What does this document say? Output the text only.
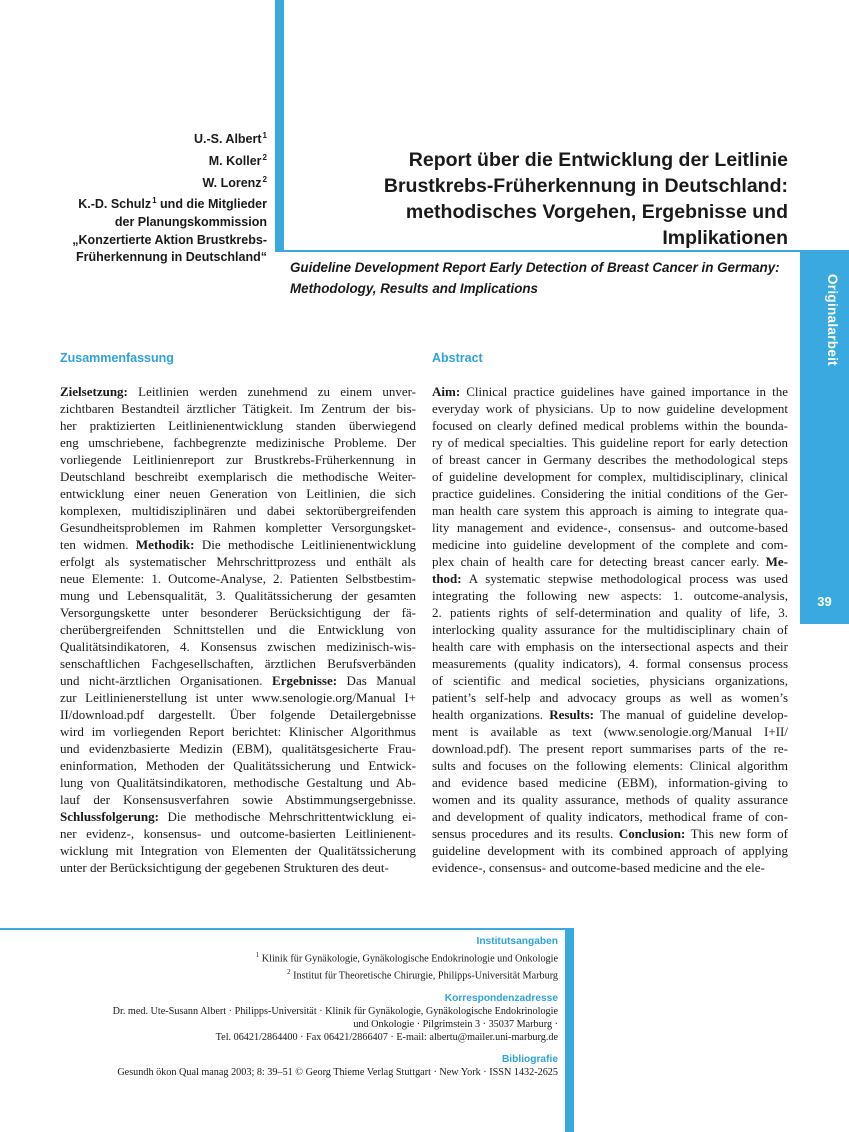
Originalarbeit
39
U.-S. Albert$^1$
M. Koller$^2$
W. Lorenz$^2$
K.-D. Schulz$^1$ und die Mitglieder
der Planungskommission
„Konzertierte Aktion Brustkrebs-
Früherkennung in Deutschland“
Report über die Entwicklung der Leitlinie
Brustkrebs-Früherkennung in Deutschland:
methodisches Vorgehen, Ergebnisse und
Implikationen
Guideline Development Report Early Detection of Breast Cancer in Germany:
Methodology, Results and Implications
Zusammenfassung	Abstract
Zielsetzung: Leitlinien werden zunehmend zu einem unver-
zichtbaren Bestandteil ärztlicher Tätigkeit. Im Zentrum der bis-
her praktizierten Leitlinienentwicklung standen überwiegend
eng umschriebene, fachbegrenzte medizinische Probleme. Der
vorliegende Leitlinienreport zur Brustkrebs-Früherkennung in
Deutschland beschreibt exemplarisch die methodische Weiter-
entwicklung einer neuen Generation von Leitlinien, die sich
komplexen, multidisziplinären und dabei sektorübergreifenden
Gesundheitsproblemen im Rahmen kompletter Versorgungsket-
ten widmen. Methodik: Die methodische Leitlinienentwicklung
erfolgt als systematischer Mehrschrittprozess und enthält als
neue Elemente: 1. Outcome-Analyse, 2. Patienten Selbstbestim-
mung und Lebensqualität, 3. Qualitätssicherung der gesamten
Versorgungskette unter besonderer Berücksichtigung der fä-
cherübergreifenden Schnittstellen und die Entwicklung von
Qualitätsindikatoren, 4. Konsensus zwischen medizinisch-wis-
senschaftlichen Fachgesellschaften, ärztlichen Berufsverbänden
und nicht-ärztlichen Organisationen. Ergebnisse: Das Manual
zur Leitlinienerstellung ist unter www.senologie.org/Manual I+
II/download.pdf dargestellt. Über folgende Detailergebnisse
wird im vorliegenden Report berichtet: Klinischer Algorithmus
und evidenzbasierte Medizin (EBM), qualitätsgesicherte Frau-
eninformation, Methoden der Qualitätssicherung und Entwick-
lung von Qualitätsindikatoren, methodische Gestaltung und Ab-
lauf der Konsensusverfahren sowie Abstimmungsergebnisse.
Schlussfolgerung: Die methodische Mehrschrittentwicklung ei-
ner evidenz-, konsensus- und outcome-basierten Leitlinienent-
wicklung mit Integration von Elementen der Qualitätssicherung
unter der Berücksichtigung der gegebenen Strukturen des deut-
Aim: Clinical practice guidelines have gained importance in the
everyday work of physicians. Up to now guideline development
focused on clearly defined medical problems within the bounda-
ry of medical specialties. This guideline report for early detection
of breast cancer in Germany describes the methodological steps
of guideline development for complex, multidisciplinary, clinical
practice guidelines. Considering the initial conditions of the Ger-
man health care system this approach is aiming to integrate qua-
lity management and evidence-, consensus- and outcome-based
medicine into guideline development of the complete and com-
plex chain of health care for detecting breast cancer early. Me-
thod: A systematic stepwise methodological process was used
integrating the following new aspects: 1. outcome-analysis,
2. patients rights of self-determination and quality of life, 3.
interlocking quality assurance for the multidisciplinary chain of
health care with emphasis on the intersectional aspects and their
measurements (quality indicators), 4. formal consensus process
of scientific and medical societies, physicians organizations,
patient’s self-help and advocacy groups as well as women’s
health organizations. Results: The manual of guideline develop-
ment is available as text (www.senologie.org/Manual I+II/
download.pdf). The present report summarises parts of the re-
sults and focuses on the following elements: Clinical algorithm
and evidence based medicine (EBM), information-giving to
women and its quality assurance, methods of quality assurance
and development of quality indicators, methodical frame of con-
sensus procedures and its results. Conclusion: This new form of
guideline development with its combined approach of applying
evidence-, consensus- and outcome-based medicine and the ele-
Institutsangaben
$^1$ Klinik für Gynäkologie, Gynäkologische Endokrinologie und Onkologie
$^2$ Institut für Theoretische Chirurgie, Philipps-Universität Marburg
Korrespondenzadresse
Dr. med. Ute-Susann Albert · Philipps-Universität · Klinik für Gynäkologie, Gynäkologische Endokrinologie
und Onkologie · Pilgrimstein 3 · 35037 Marburg ·
Tel. 06421/2864400 · Fax 06421/2866407 · E-mail: albertu@mailer.uni-marburg.de
Bibliografie
Gesundh ökon Qual manag 2003; 8: 39–51 © Georg Thieme Verlag Stuttgart · New York · ISSN 1432-2625
